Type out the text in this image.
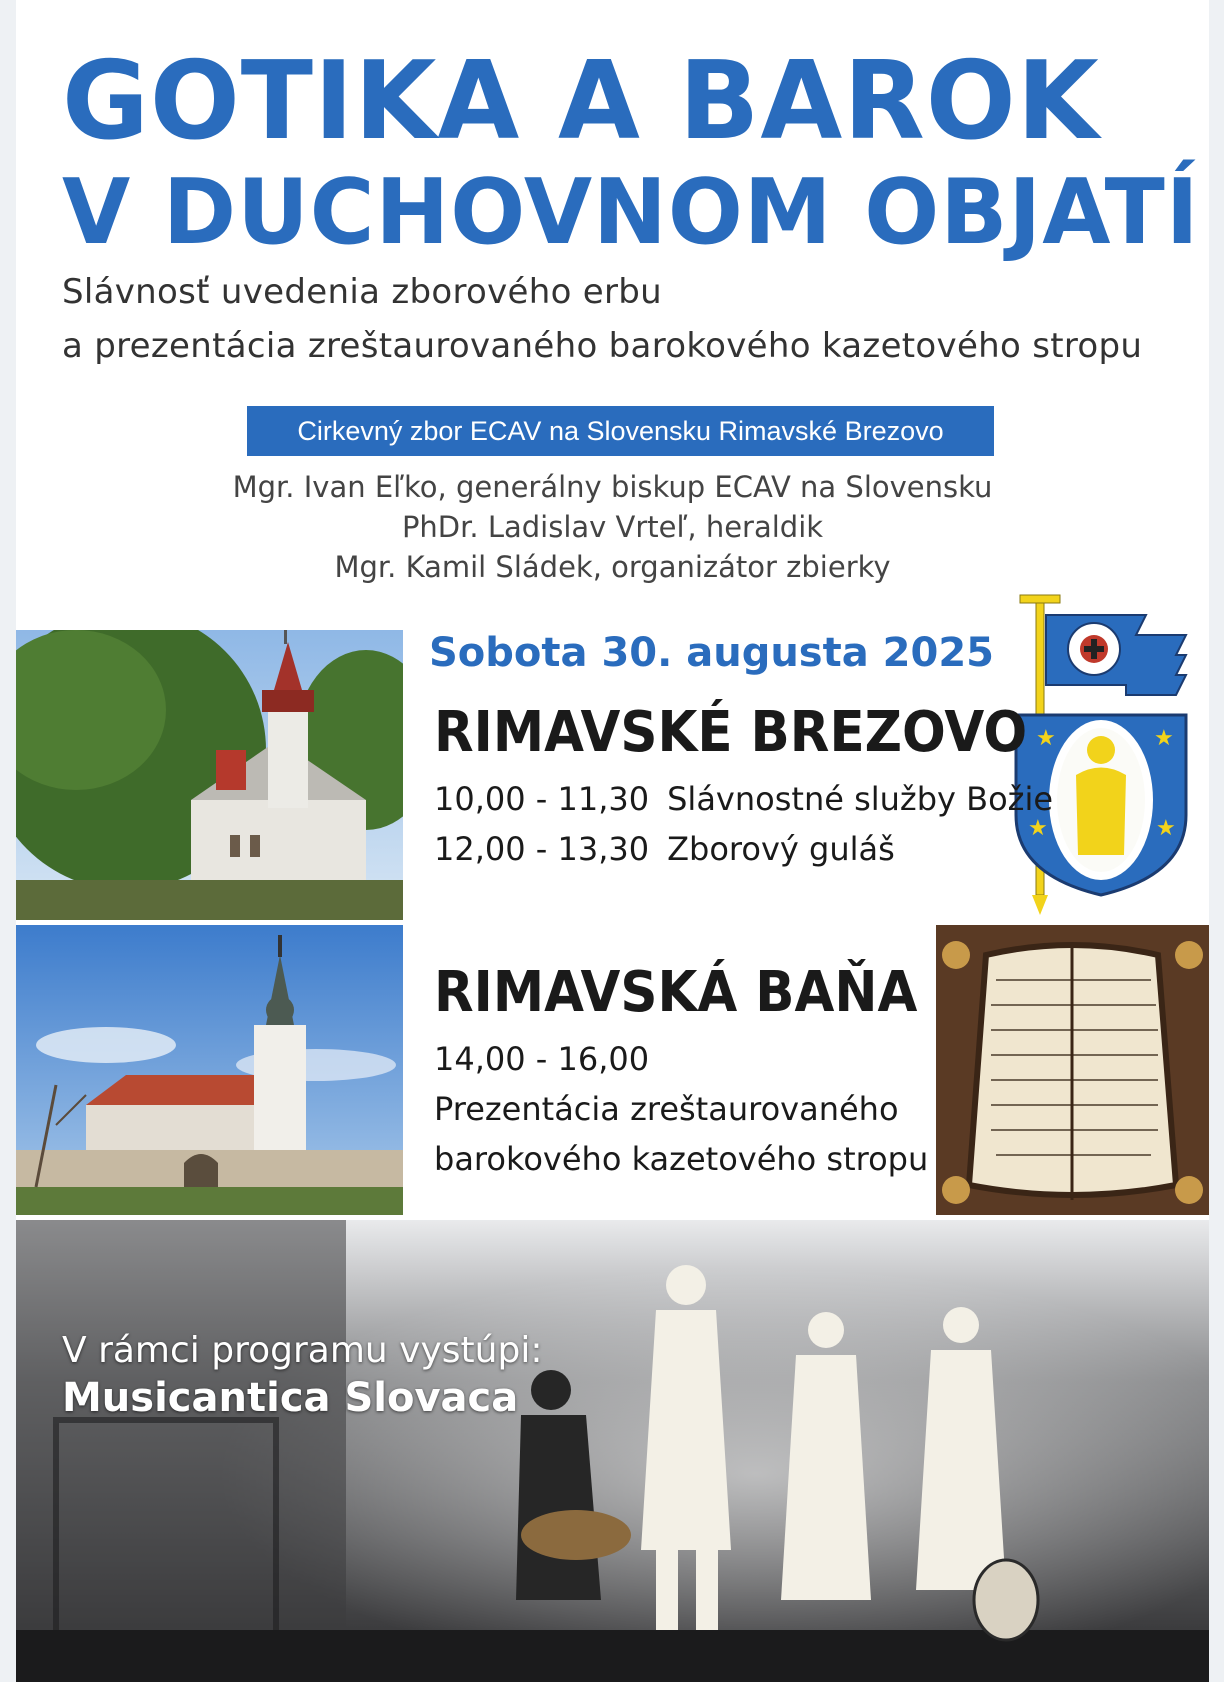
GOTIKA A BAROK
V DUCHOVNOM OBJATÍ
Slávnosť uvedenia zborového erbu
a prezentácia zreštaurovaného barokového kazetového stropu
Cirkevný zbor ECAV na Slovensku Rimavské Brezovo
Mgr. Ivan Eľko, generálny biskup ECAV na Slovensku
PhDr. Ladislav Vrteľ, heraldik
Mgr. Kamil Sládek, organizátor zbierky
★	★
★	★
Sobota 30. augusta 2025
RIMAVSKÉ BREZOVO
10,00 - 11,30 Slávnostné služby Božie
12,00 - 13,30 Zborový guláš
RIMAVSKÁ BAŇA
14,00 - 16,00
Prezentácia zreštaurovaného
barokového kazetového stropu
V rámci programu vystúpi:
Musicantica Slovaca
